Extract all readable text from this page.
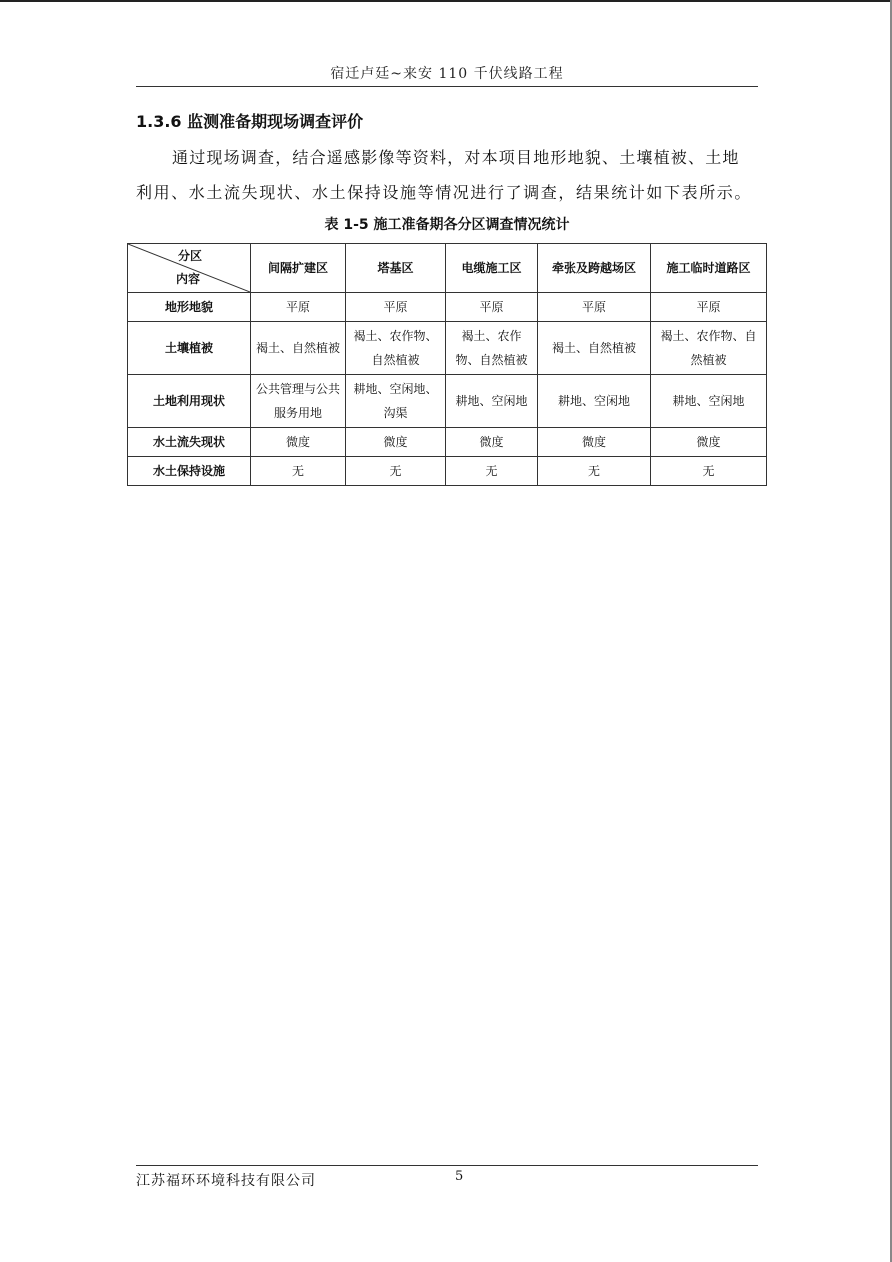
宿迁卢廷~来安 110 千伏线路工程
1.3.6 监测准备期现场调查评价
通过现场调查，结合遥感影像等资料，对本项目地形地貌、土壤植被、土地
利用、水土流失现状、水土保持设施等情况进行了调查，结果统计如下表所示。
表 1-5 施工准备期各分区调查情况统计
分区
内容	间隔扩建区	塔基区	电缆施工区	牵张及跨越场区	施工临时道路区
地形地貌	平原	平原	平原	平原	平原
土壤植被	褐土、自然植被	褐土、农作物、自然植被	褐土、农作物、自然植被	褐土、自然植被	褐土、农作物、自然植被
土地利用现状	公共管理与公共服务用地	耕地、空闲地、沟渠	耕地、空闲地	耕地、空闲地	耕地、空闲地
水土流失现状	微度	微度	微度	微度	微度
水土保持设施	无	无	无	无	无
江苏福环环境科技有限公司	5
